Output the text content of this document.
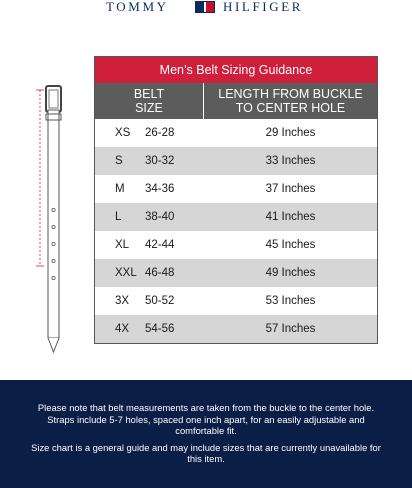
TOMMY	HILFIGER
Men’s Belt Sizing Guidance
BELT
SIZE
LENGTH FROM BUCKLE
TO CENTER HOLE
XS	26-28	29 Inches
S	30-32	33 Inches
M	34-36	37 Inches
L	38-40	41 Inches
XL	42-44	45 Inches
XXL 46-48	49 Inches
3X	50-52	53 Inches
4X	54-56	57 Inches

Please note that belt measurements are taken from the buckle to the center hole. Straps include 5-7 holes, spaced one inch apart, for an easily adjustable and comfortable fit.

Size chart is a general guide and may include sizes that are currently unavailable for this item.
